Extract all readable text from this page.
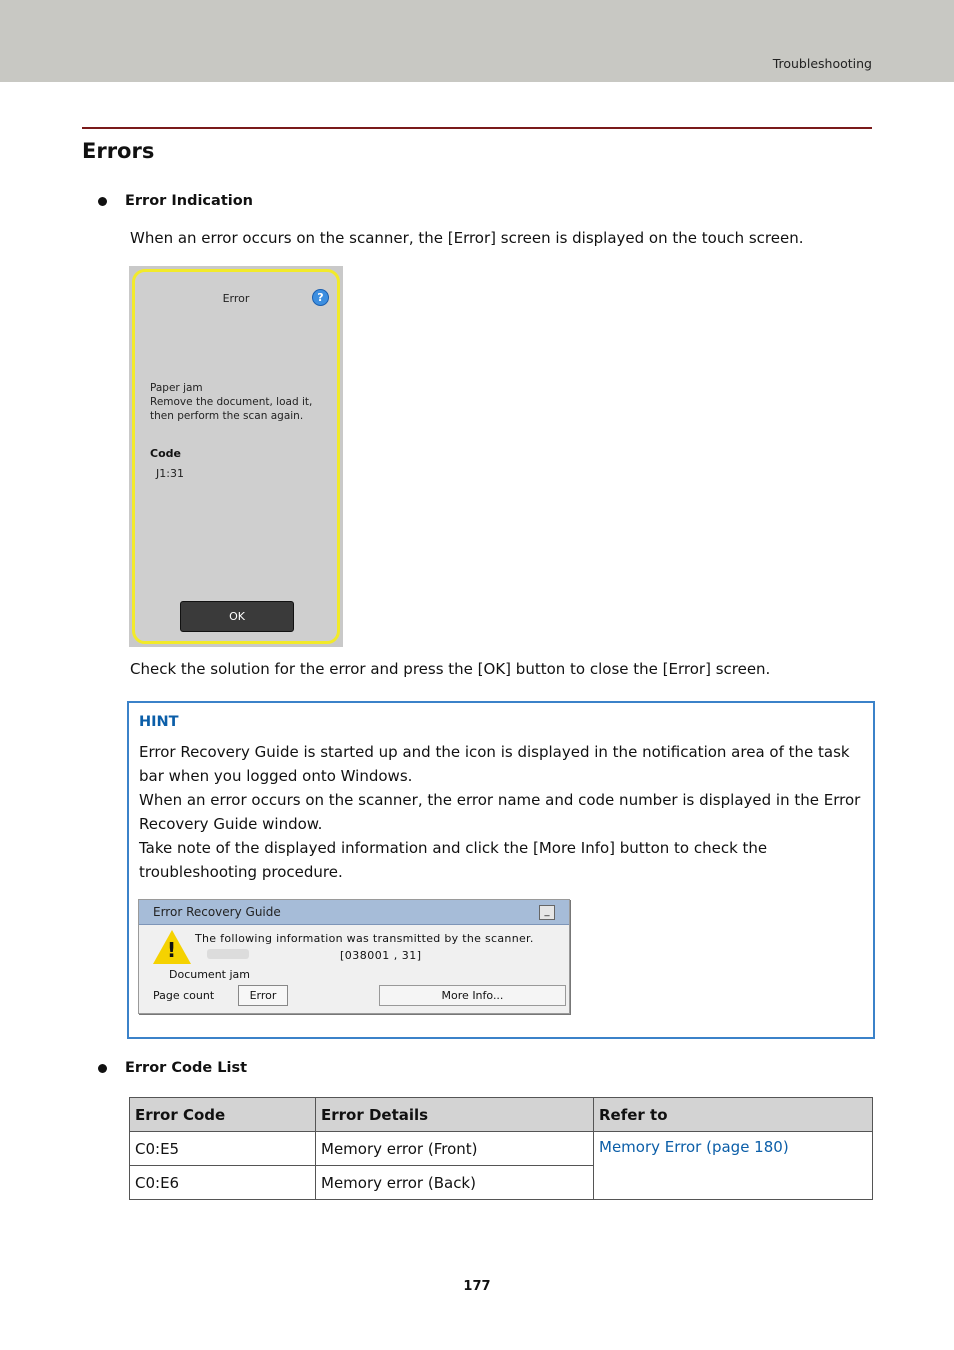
Troubleshooting
Errors
Error Indication
When an error occurs on the scanner, the [Error] screen is displayed on the touch screen.
Error	?
Paper jam
Remove the document, load it,
then perform the scan again.
Code
J1:31
OK
Check the solution for the error and press the [OK] button to close the [Error] screen.
HINT
Error Recovery Guide is started up and the icon is displayed in the notification area of the task
bar when you logged onto Windows.
When an error occurs on the scanner, the error name and code number is displayed in the Error
Recovery Guide window.
Take note of the displayed information and click the [More Info] button to check the
troubleshooting procedure.
Error Recovery Guide	_
! The following information was transmitted by the scanner.
[038001 , 31]
Document jam
Page count	Error	More Info...
Error Code List
Error Code	Error Details	Refer to
C0:E5	Memory error (Front)	Memory Error (page 180)
C0:E6	Memory error (Back)	
177
